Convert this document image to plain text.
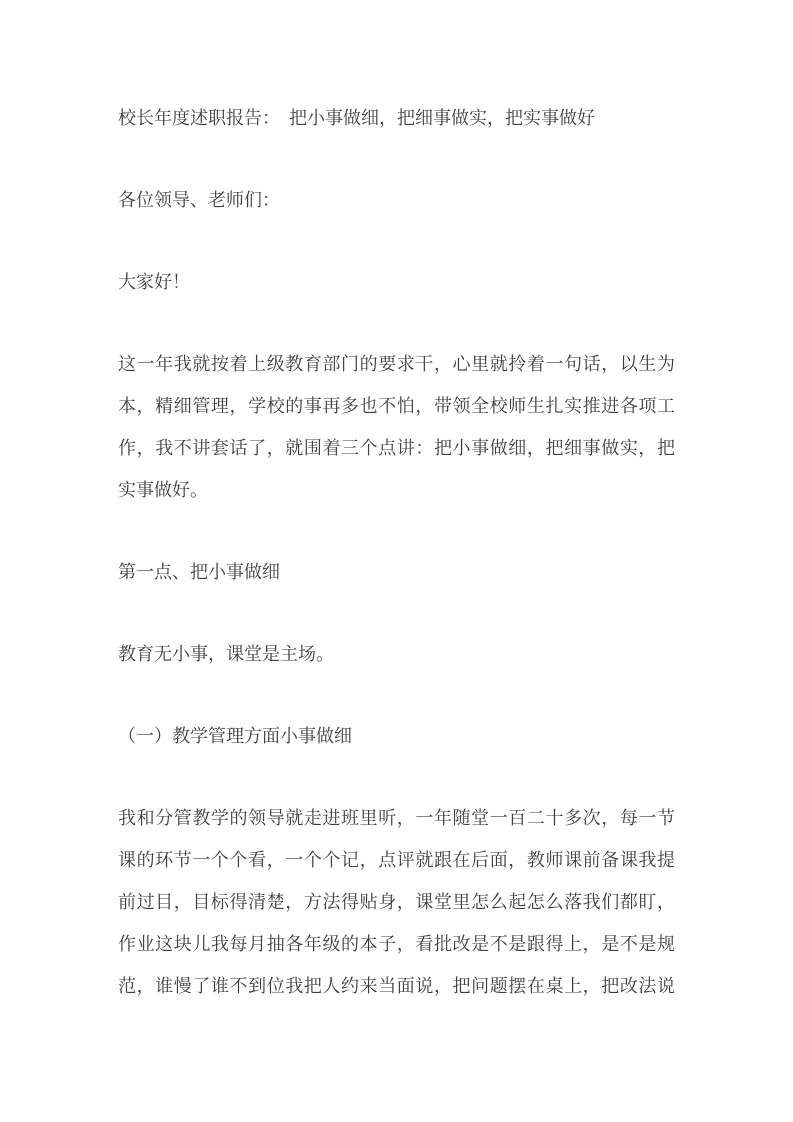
校长年度述职报告：　把小事做细，把细事做实，把实事做好

各位领导、老师们：
大家好！
这一年我就按着上级教育部门的要求干，心里就拎着一句话，以生为
本，精细管理，学校的事再多也不怕，带领全校师生扎实推进各项工
作，我不讲套话了，就围着三个点讲：把小事做细，把细事做实，把
实事做好。
第一点、把小事做细
教育无小事，课堂是主场。
（一）教学管理方面小事做细
我和分管教学的领导就走进班里听，一年随堂一百二十多次，每一节
课的环节一个个看，一个个记，点评就跟在后面，教师课前备课我提
前过目，目标得清楚，方法得贴身，课堂里怎么起怎么落我们都盯，
作业这块儿我每月抽各年级的本子，看批改是不是跟得上，是不是规
范，谁慢了谁不到位我把人约来当面说，把问题摆在桌上，把改法说
